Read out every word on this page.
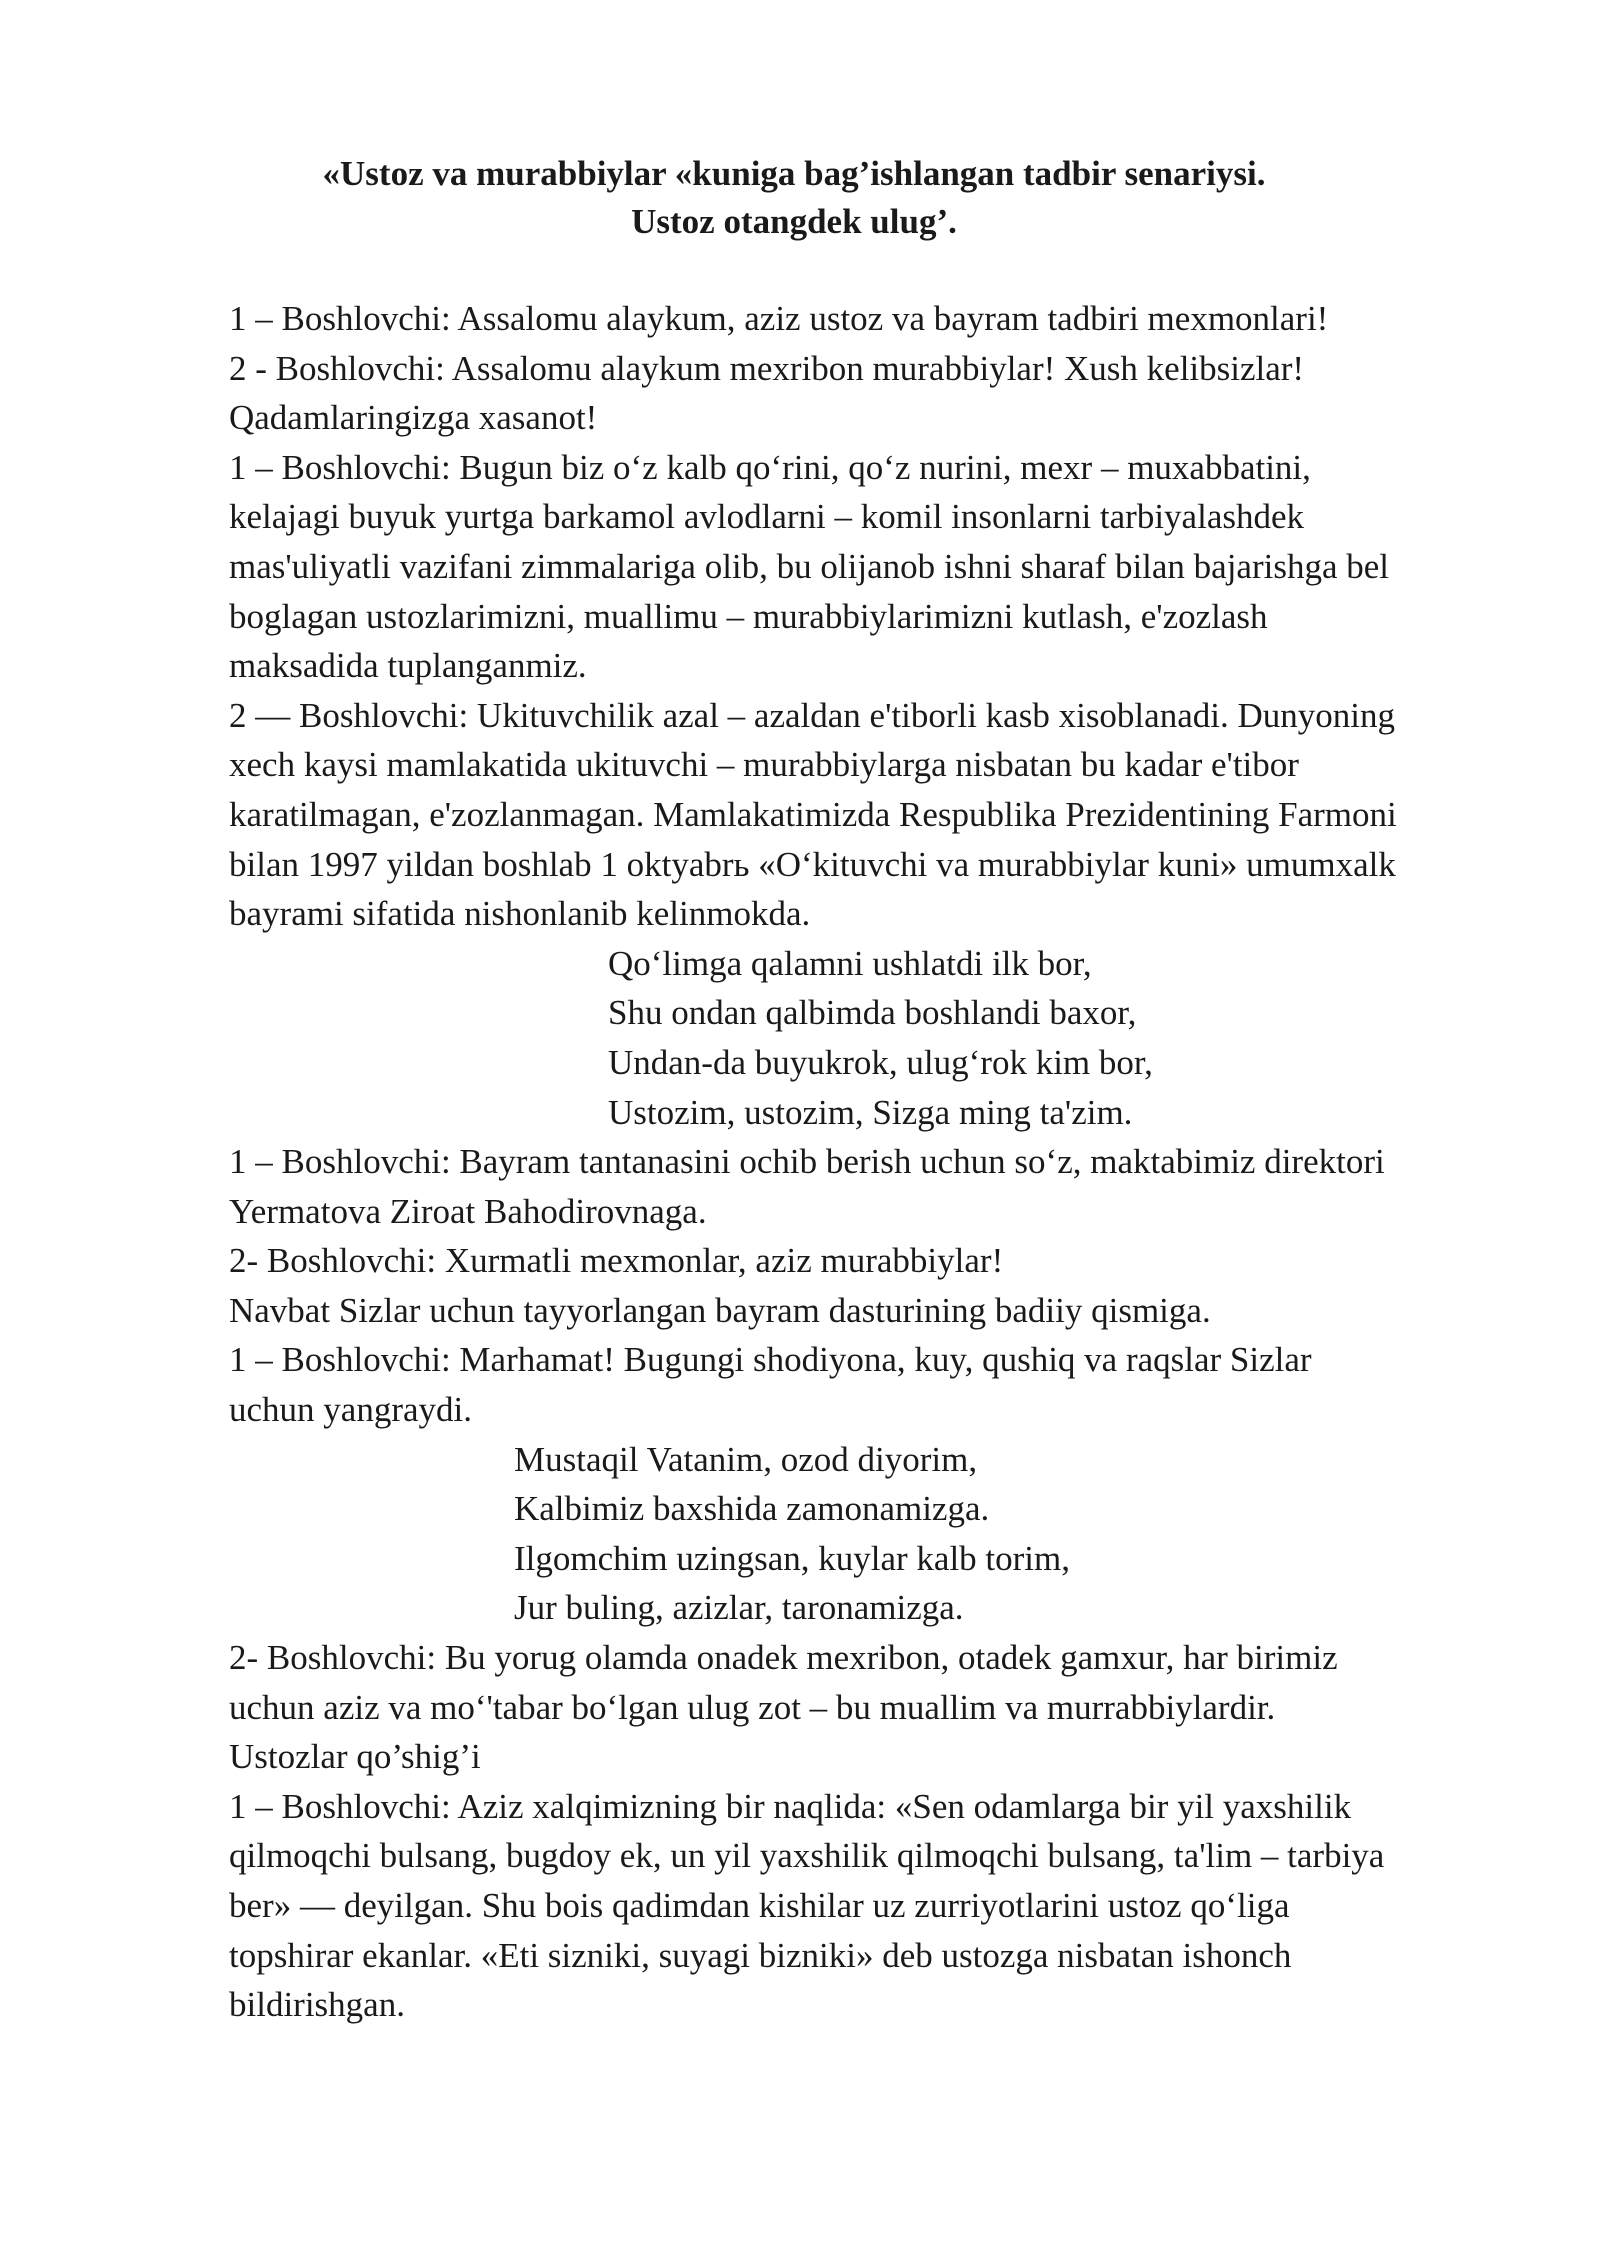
«Ustoz va murabbiylar «kuniga bag’ishlangan tadbir senariysi.
Ustoz otangdek ulug’.
1 – Boshlovchi: Assalomu alaykum, aziz ustoz va bayram tadbiri mexmonlari!
2 - Boshlovchi: Assalomu alaykum mexribon murabbiylar! Xush kelibsizlar!
Qadamlaringizga xasanot!
1 – Boshlovchi: Bugun biz o‘z kalb qo‘rini, qo‘z nurini, mexr – muxabbatini,
kelajagi buyuk yurtga barkamol avlodlarni – komil insonlarni tarbiyalashdek
mas'uliyatli vazifani zimmalariga olib, bu olijanob ishni sharaf bilan bajarishga bel
boglagan ustozlarimizni, muallimu – murabbiylarimizni kutlash, e'zozlash
maksadida tuplanganmiz.
2 — Boshlovchi: Ukituvchilik azal – azaldan e'tiborli kasb xisoblanadi. Dunyoning
xech kaysi mamlakatida ukituvchi – murabbiylarga nisbatan bu kadar e'tibor
karatilmagan, e'zozlanmagan. Mamlakatimizda Respublika Prezidentining Farmoni
bilan 1997 yildan boshlab 1 oktyabrь «O‘kituvchi va murabbiylar kuni» umumxalk
bayrami sifatida nishonlanib kelinmokda.
Qo‘limga qalamni ushlatdi ilk bor,
Shu ondan qalbimda boshlandi baxor,
Undan-da buyukrok, ulug‘rok kim bor,
Ustozim, ustozim, Sizga ming ta'zim.
1 – Boshlovchi: Bayram tantanasini ochib berish uchun so‘z, maktabimiz direktori
Yermatova Ziroat Bahodirovnaga.
2- Boshlovchi: Xurmatli mexmonlar, aziz murabbiylar!
Navbat Sizlar uchun tayyorlangan bayram dasturining badiiy qismiga.
1 – Boshlovchi: Marhamat! Bugungi shodiyona, kuy, qushiq va raqslar Sizlar
uchun yangraydi.
Mustaqil Vatanim, ozod diyorim,
Kalbimiz baxshida zamonamizga.
Ilgomchim uzingsan, kuylar kalb torim,
Jur buling, azizlar, taronamizga.
2- Boshlovchi: Bu yorug olamda onadek mexribon, otadek gamxur, har birimiz
uchun aziz va mo‘'tabar bo‘lgan ulug zot – bu muallim va murrabbiylardir.
Ustozlar qo’shig’i
1 – Boshlovchi: Aziz xalqimizning bir naqlida: «Sen odamlarga bir yil yaxshilik
qilmoqchi bulsang, bugdoy ek, un yil yaxshilik qilmoqchi bulsang, ta'lim – tarbiya
ber» — deyilgan. Shu bois qadimdan kishilar uz zurriyotlarini ustoz qo‘liga
topshirar ekanlar. «Eti sizniki, suyagi bizniki» deb ustozga nisbatan ishonch
bildirishgan.
